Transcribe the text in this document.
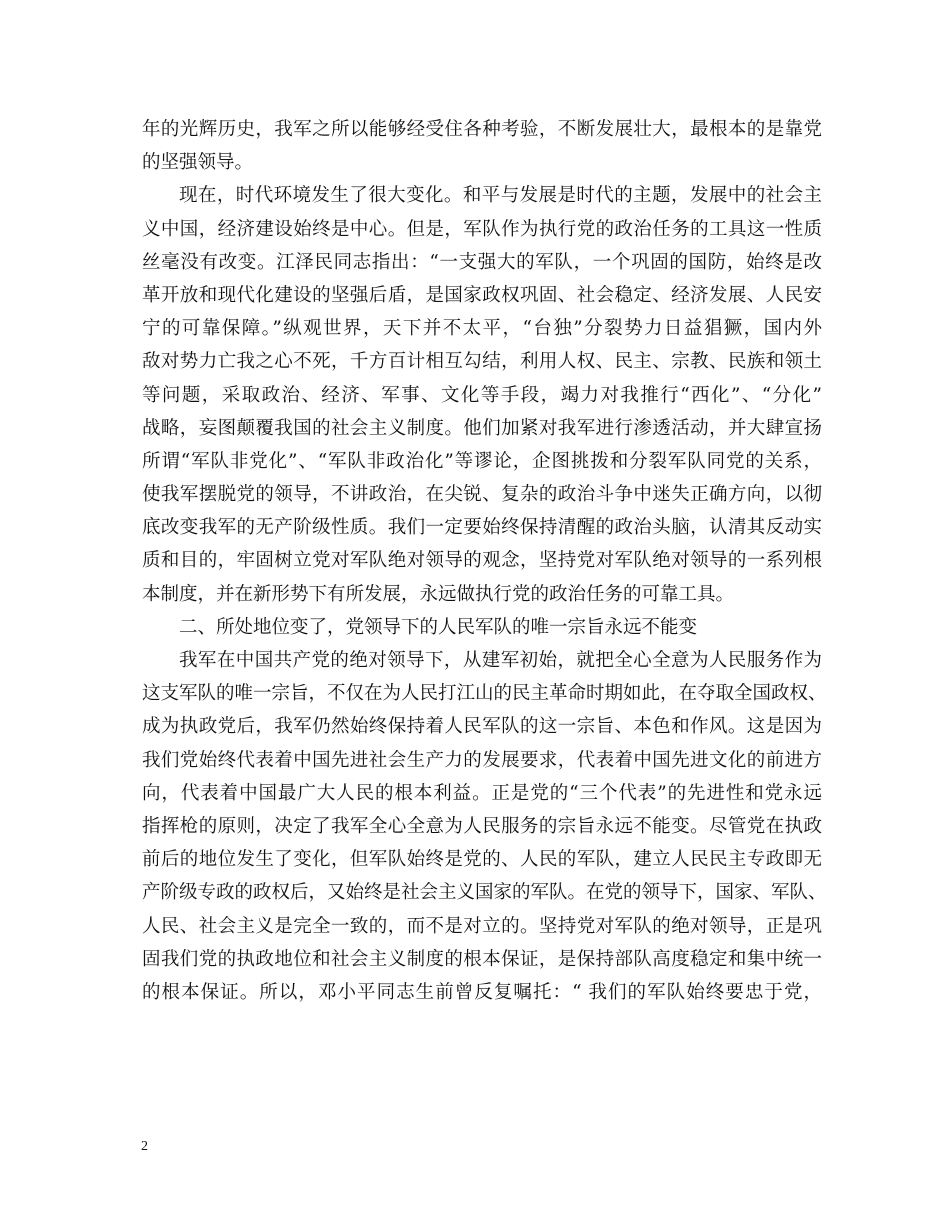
年的光辉历史，我军之所以能够经受住各种考验，不断发展壮大，最根本的是靠党
的坚强领导。
现在，时代环境发生了很大变化。和平与发展是时代的主题，发展中的社会主
义中国，经济建设始终是中心。但是，军队作为执行党的政治任务的工具这一性质
丝毫没有改变。江泽民同志指出：“一支强大的军队，一个巩固的国防，始终是改
革开放和现代化建设的坚强后盾，是国家政权巩固、社会稳定、经济发展、人民安
宁的可靠保障。”纵观世界，天下并不太平，“台独”分裂势力日益猖獗，国内外
敌对势力亡我之心不死，千方百计相互勾结，利用人权、民主、宗教、民族和领土
等问题，采取政治、经济、军事、文化等手段，竭力对我推行“西化”、“分化”
战略，妄图颠覆我国的社会主义制度。他们加紧对我军进行渗透活动，并大肆宣扬
所谓“军队非党化”、“军队非政治化”等谬论，企图挑拨和分裂军队同党的关系，
使我军摆脱党的领导，不讲政治，在尖锐、复杂的政治斗争中迷失正确方向，以彻
底改变我军的无产阶级性质。我们一定要始终保持清醒的政治头脑，认清其反动实
质和目的，牢固树立党对军队绝对领导的观念，坚持党对军队绝对领导的一系列根
本制度，并在新形势下有所发展，永远做执行党的政治任务的可靠工具。
二、所处地位变了，党领导下的人民军队的唯一宗旨永远不能变
我军在中国共产党的绝对领导下，从建军初始，就把全心全意为人民服务作为
这支军队的唯一宗旨，不仅在为人民打江山的民主革命时期如此，在夺取全国政权、
成为执政党后，我军仍然始终保持着人民军队的这一宗旨、本色和作风。这是因为
我们党始终代表着中国先进社会生产力的发展要求，代表着中国先进文化的前进方
向，代表着中国最广大人民的根本利益。正是党的“三个代表”的先进性和党永远
指挥枪的原则，决定了我军全心全意为人民服务的宗旨永远不能变。尽管党在执政
前后的地位发生了变化，但军队始终是党的、人民的军队，建立人民民主专政即无
产阶级专政的政权后，又始终是社会主义国家的军队。在党的领导下，国家、军队、
人民、社会主义是完全一致的，而不是对立的。坚持党对军队的绝对领导，正是巩
固我们党的执政地位和社会主义制度的根本保证，是保持部队高度稳定和集中统一
的根本保证。所以，邓小平同志生前曾反复嘱托：“ 我们的军队始终要忠于党，
2
